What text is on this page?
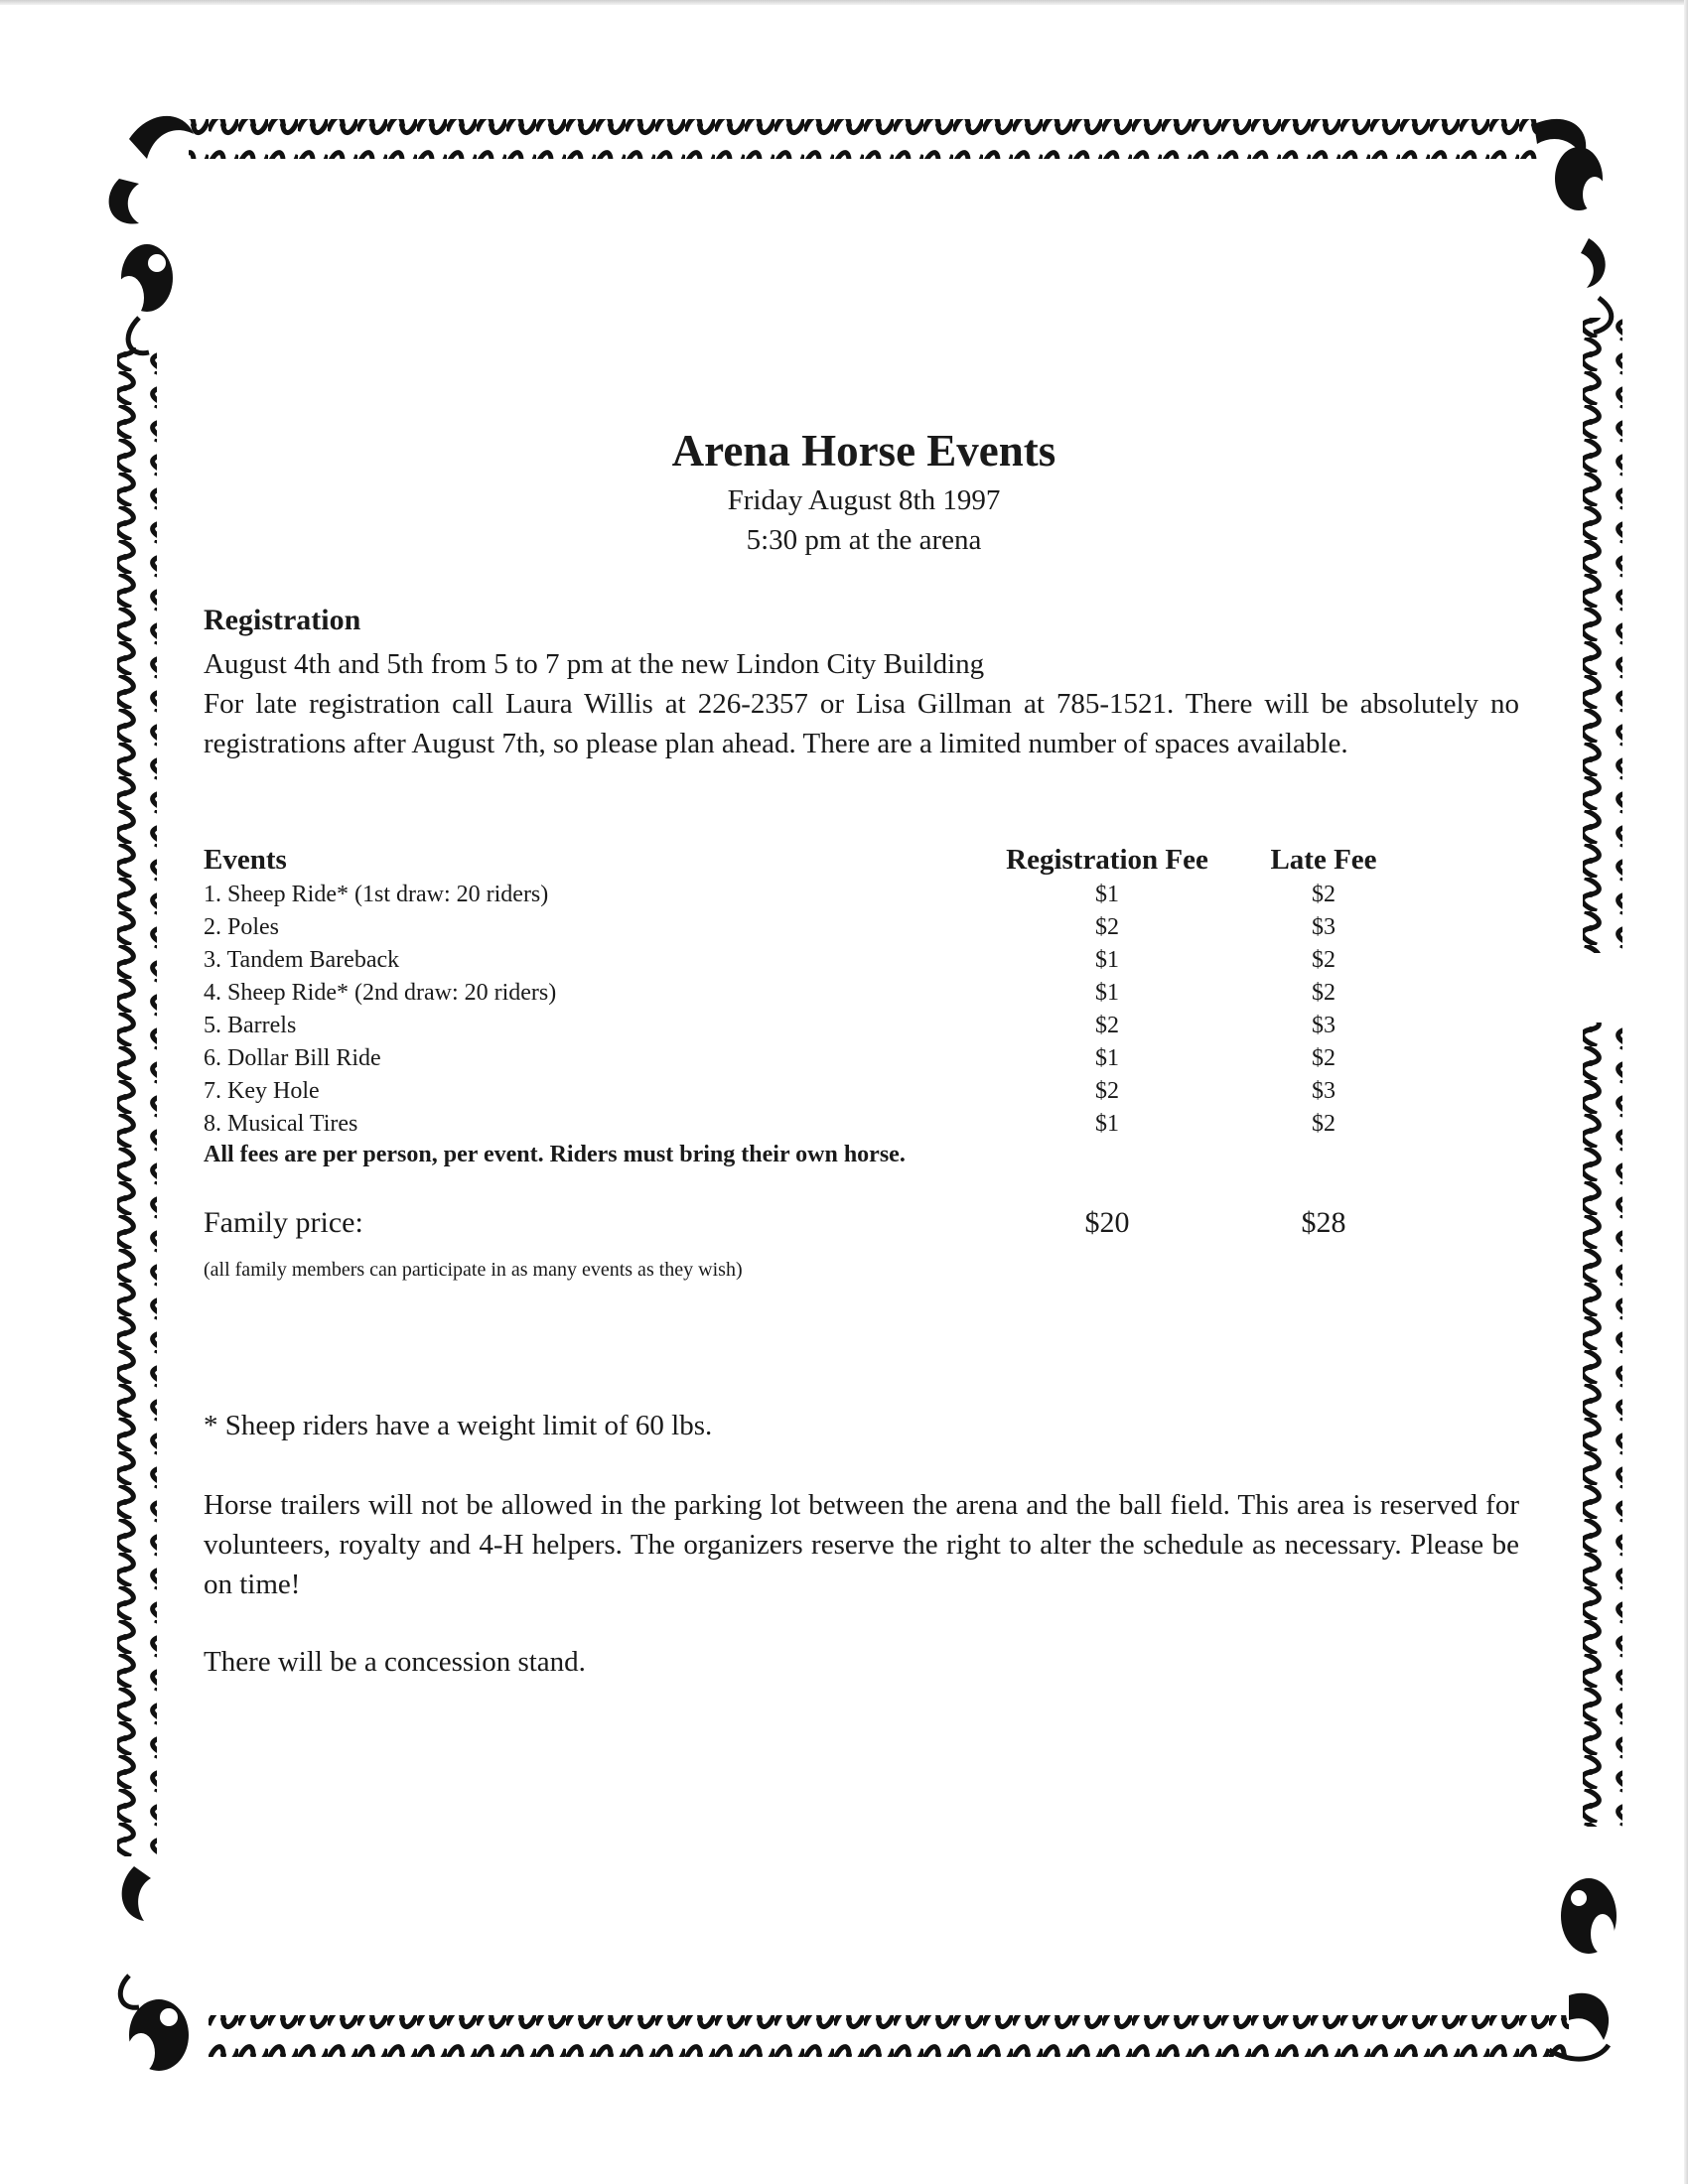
Arena Horse Events
Friday August 8th 1997
5:30 pm at the arena
Registration

August 4th and 5th from 5 to 7 pm at the new Lindon City Building

For late registration call Laura Willis at 226-2357 or Lisa Gillman at 785-1521. There will be absolutely no registrations after August 7th, so please plan ahead. There are a limited number of spaces available.

Events	Registration Fee	Late Fee
1. Sheep Ride* (1st draw: 20 riders)	$1	$2
2. Poles	$2	$3
3. Tandem Bareback	$1	$2
4. Sheep Ride* (2nd draw: 20 riders)	$1	$2
5. Barrels	$2	$3
6. Dollar Bill Ride	$1	$2
7. Key Hole	$2	$3
8. Musical Tires	$1	$2
All fees are per person, per event. Riders must bring their own horse.
Family price:	$20	$28
(all family members can participate in as many events as they wish)
* Sheep riders have a weight limit of 60 lbs.

Horse trailers will not be allowed in the parking lot between the arena and the ball field. This area is reserved for volunteers, royalty and 4-H helpers. The organizers reserve the right to alter the schedule as necessary. Please be on time!

There will be a concession stand.
